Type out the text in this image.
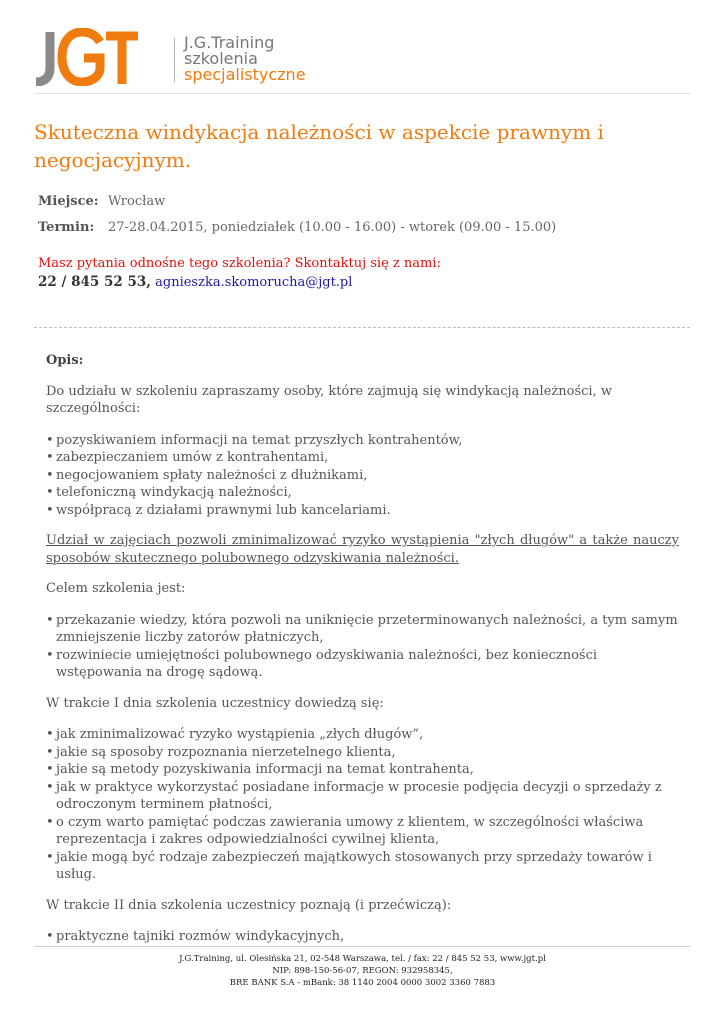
J.G.Training
szkolenia
specjalistyczne
Skuteczna windykacja należności w aspekcie prawnym i negocjacyjnym.
Miejsce: Wrocław
Termin: 27-28.04.2015, poniedziałek (10.00 - 16.00) - wtorek (09.00 - 15.00)
Masz pytania odnośne tego szkolenia? Skontaktuj się z nami:
22 / 845 52 53, agnieszka.skomorucha@jgt.pl

Opis:

Do udziału w szkoleniu zapraszamy osoby, które zajmują się windykacją należności, w szczególności:

• pozyskiwaniem informacji na temat przyszłych kontrahentów,
• zabezpieczaniem umów z kontrahentami,
• negocjowaniem spłaty należności z dłużnikami,
• telefoniczną windykacją należności,
• współpracą z działami prawnymi lub kancelariami.

Udział w zajęciach pozwoli zminimalizować ryzyko wystąpienia "złych długów" a także nauczy sposobów skutecznego polubownego odzyskiwania należności.

Celem szkolenia jest:

• przekazanie wiedzy, która pozwoli na uniknięcie przeterminowanych należności, a tym samym zmniejszenie liczby zatorów płatniczych,
• rozwiniecie umiejętności polubownego odzyskiwania należności, bez konieczności wstępowania na drogę sądową.

W trakcie I dnia szkolenia uczestnicy dowiedzą się:

• jak zminimalizować ryzyko wystąpienia „złych długów”,
• jakie są sposoby rozpoznania nierzetelnego klienta,
• jakie są metody pozyskiwania informacji na temat kontrahenta,
• jak w praktyce wykorzystać posiadane informacje w procesie podjęcia decyzji o sprzedaży z odroczonym terminem płatności,
• o czym warto pamiętać podczas zawierania umowy z klientem, w szczególności właściwa reprezentacja i zakres odpowiedzialności cywilnej klienta,
• jakie mogą być rodzaje zabezpieczeń majątkowych stosowanych przy sprzedaży towarów i usług.

W trakcie II dnia szkolenia uczestnicy poznają (i przećwiczą):

• praktyczne tajniki rozmów windykacyjnych,
J.G.Training, ul. Olesińska 21, 02-548 Warszawa, tel. / fax: 22 / 845 52 53, www.jgt.pl
NIP: 898-150-56-07, REGON: 932958345,
BRE BANK S.A - mBank: 38 1140 2004 0000 3002 3360 7883
